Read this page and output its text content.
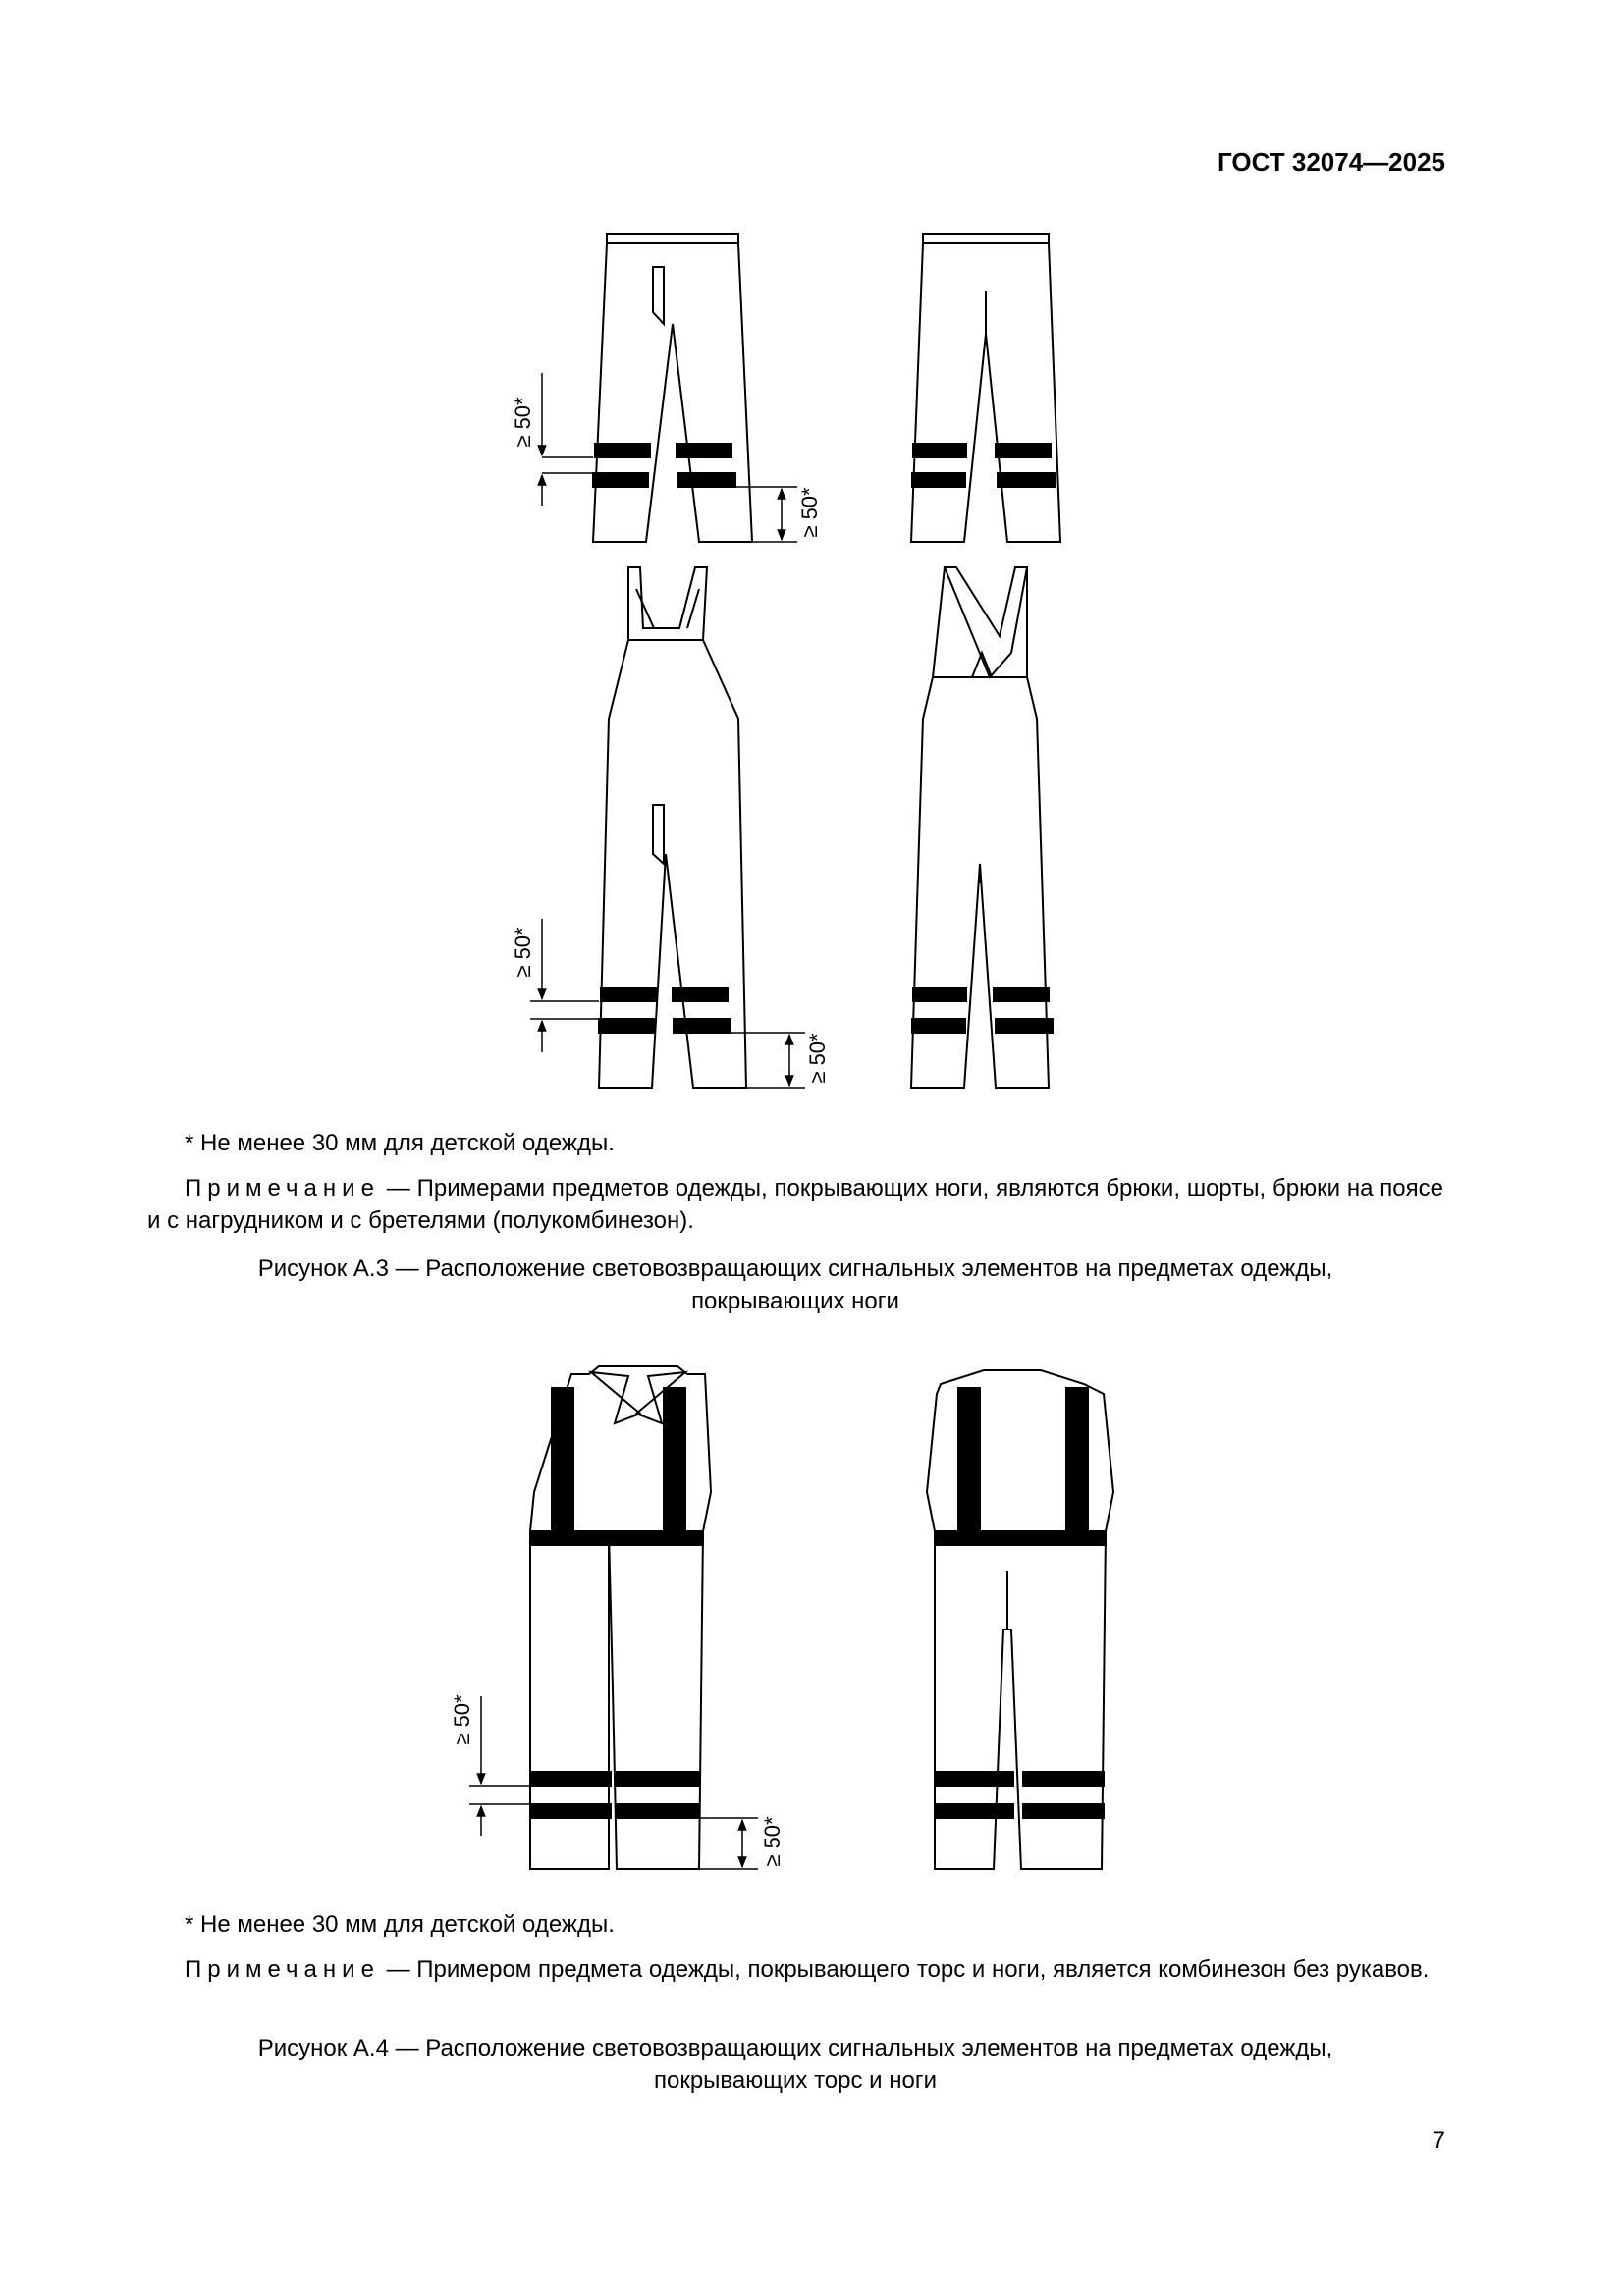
ГОСТ 32074—2025
≥ 50*
≥ 50*
≥ 50*
≥ 50*
≥ 50*
≥ 50*
* Не менее 30 мм для детской одежды.
Примечание — Примерами предметов одежды, покрывающих ноги, являются брюки, шорты, брюки на поясе и с нагрудником и с бретелями (полукомбинезон).
Рисунок А.3 — Расположение световозвращающих сигнальных элементов на предметах одежды,
покрывающих ноги
* Не менее 30 мм для детской одежды.
Примечание — Примером предмета одежды, покрывающего торс и ноги, является комбинезон без рукавов.
Рисунок А.4 — Расположение световозвращающих сигнальных элементов на предметах одежды,
покрывающих торс и ноги
7
